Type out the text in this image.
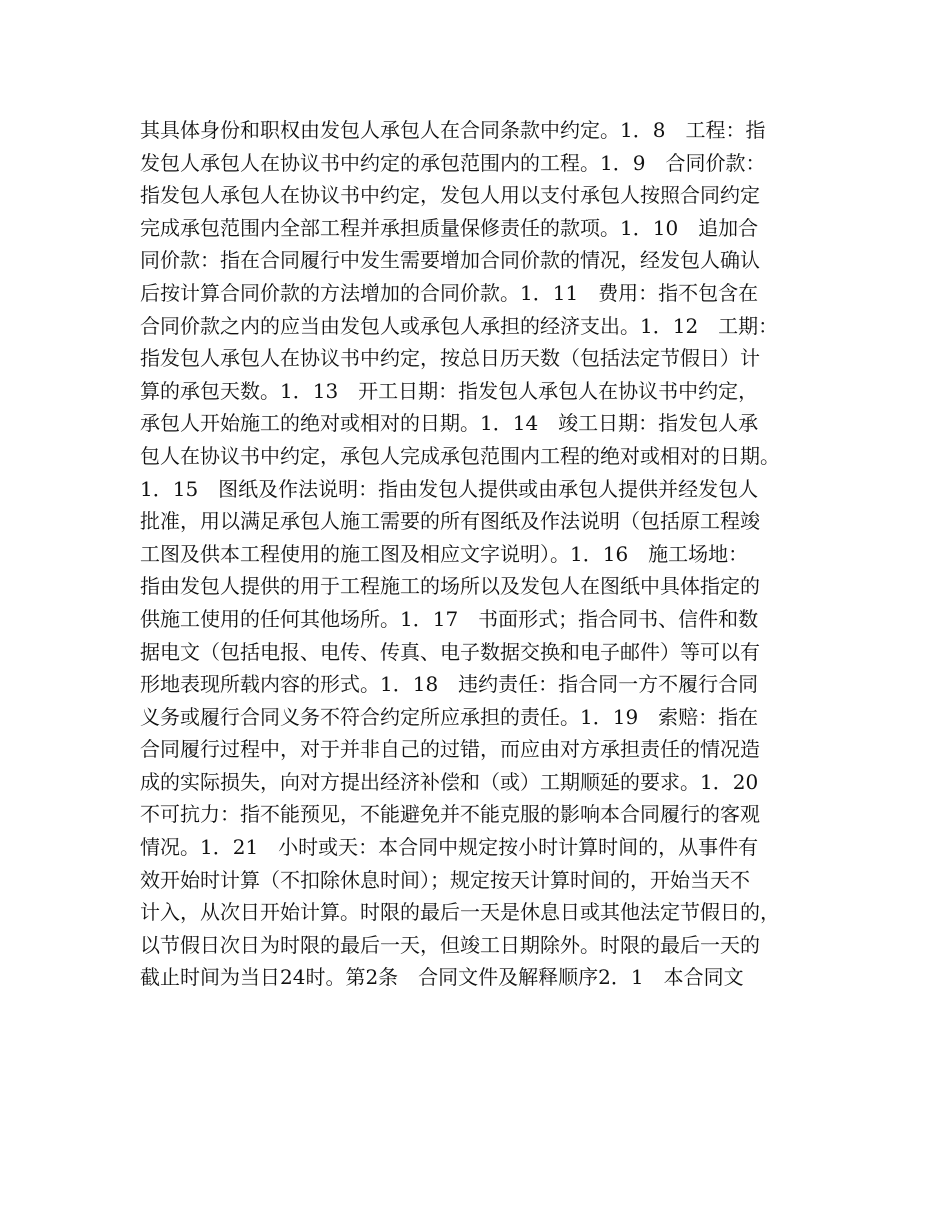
其具体身份和职权由发包人承包人在合同条款中约定。1．8　工程：指
发包人承包人在协议书中约定的承包范围内的工程。1．9　合同价款：
指发包人承包人在协议书中约定，发包人用以支付承包人按照合同约定
完成承包范围内全部工程并承担质量保修责任的款项。1．10　追加合
同价款：指在合同履行中发生需要增加合同价款的情况，经发包人确认
后按计算合同价款的方法增加的合同价款。1．11　费用：指不包含在
合同价款之内的应当由发包人或承包人承担的经济支出。1．12　工期：
指发包人承包人在协议书中约定，按总日历天数（包括法定节假日）计
算的承包天数。1．13　开工日期：指发包人承包人在协议书中约定，
承包人开始施工的绝对或相对的日期。1．14　竣工日期：指发包人承
包人在协议书中约定，承包人完成承包范围内工程的绝对或相对的日期。
1．15　图纸及作法说明：指由发包人提供或由承包人提供并经发包人
批准，用以满足承包人施工需要的所有图纸及作法说明（包括原工程竣
工图及供本工程使用的施工图及相应文字说明）。1．16　施工场地：
指由发包人提供的用于工程施工的场所以及发包人在图纸中具体指定的
供施工使用的任何其他场所。1．17　书面形式；指合同书、信件和数
据电文（包括电报、电传、传真、电子数据交换和电子邮件）等可以有
形地表现所载内容的形式。1．18　违约责任：指合同一方不履行合同
义务或履行合同义务不符合约定所应承担的责任。1．19　索赔：指在
合同履行过程中，对于并非自己的过错，而应由对方承担责任的情况造
成的实际损失，向对方提出经济补偿和（或）工期顺延的要求。1．20
不可抗力：指不能预见，不能避免并不能克服的影响本合同履行的客观
情况。1．21　小时或天：本合同中规定按小时计算时间的，从事件有
效开始时计算（不扣除休息时间）；规定按天计算时间的，开始当天不
计入，从次日开始计算。时限的最后一天是休息日或其他法定节假日的，
以节假日次日为时限的最后一天，但竣工日期除外。时限的最后一天的
截止时间为当日24时。第2条　合同文件及解释顺序2．1　本合同文
